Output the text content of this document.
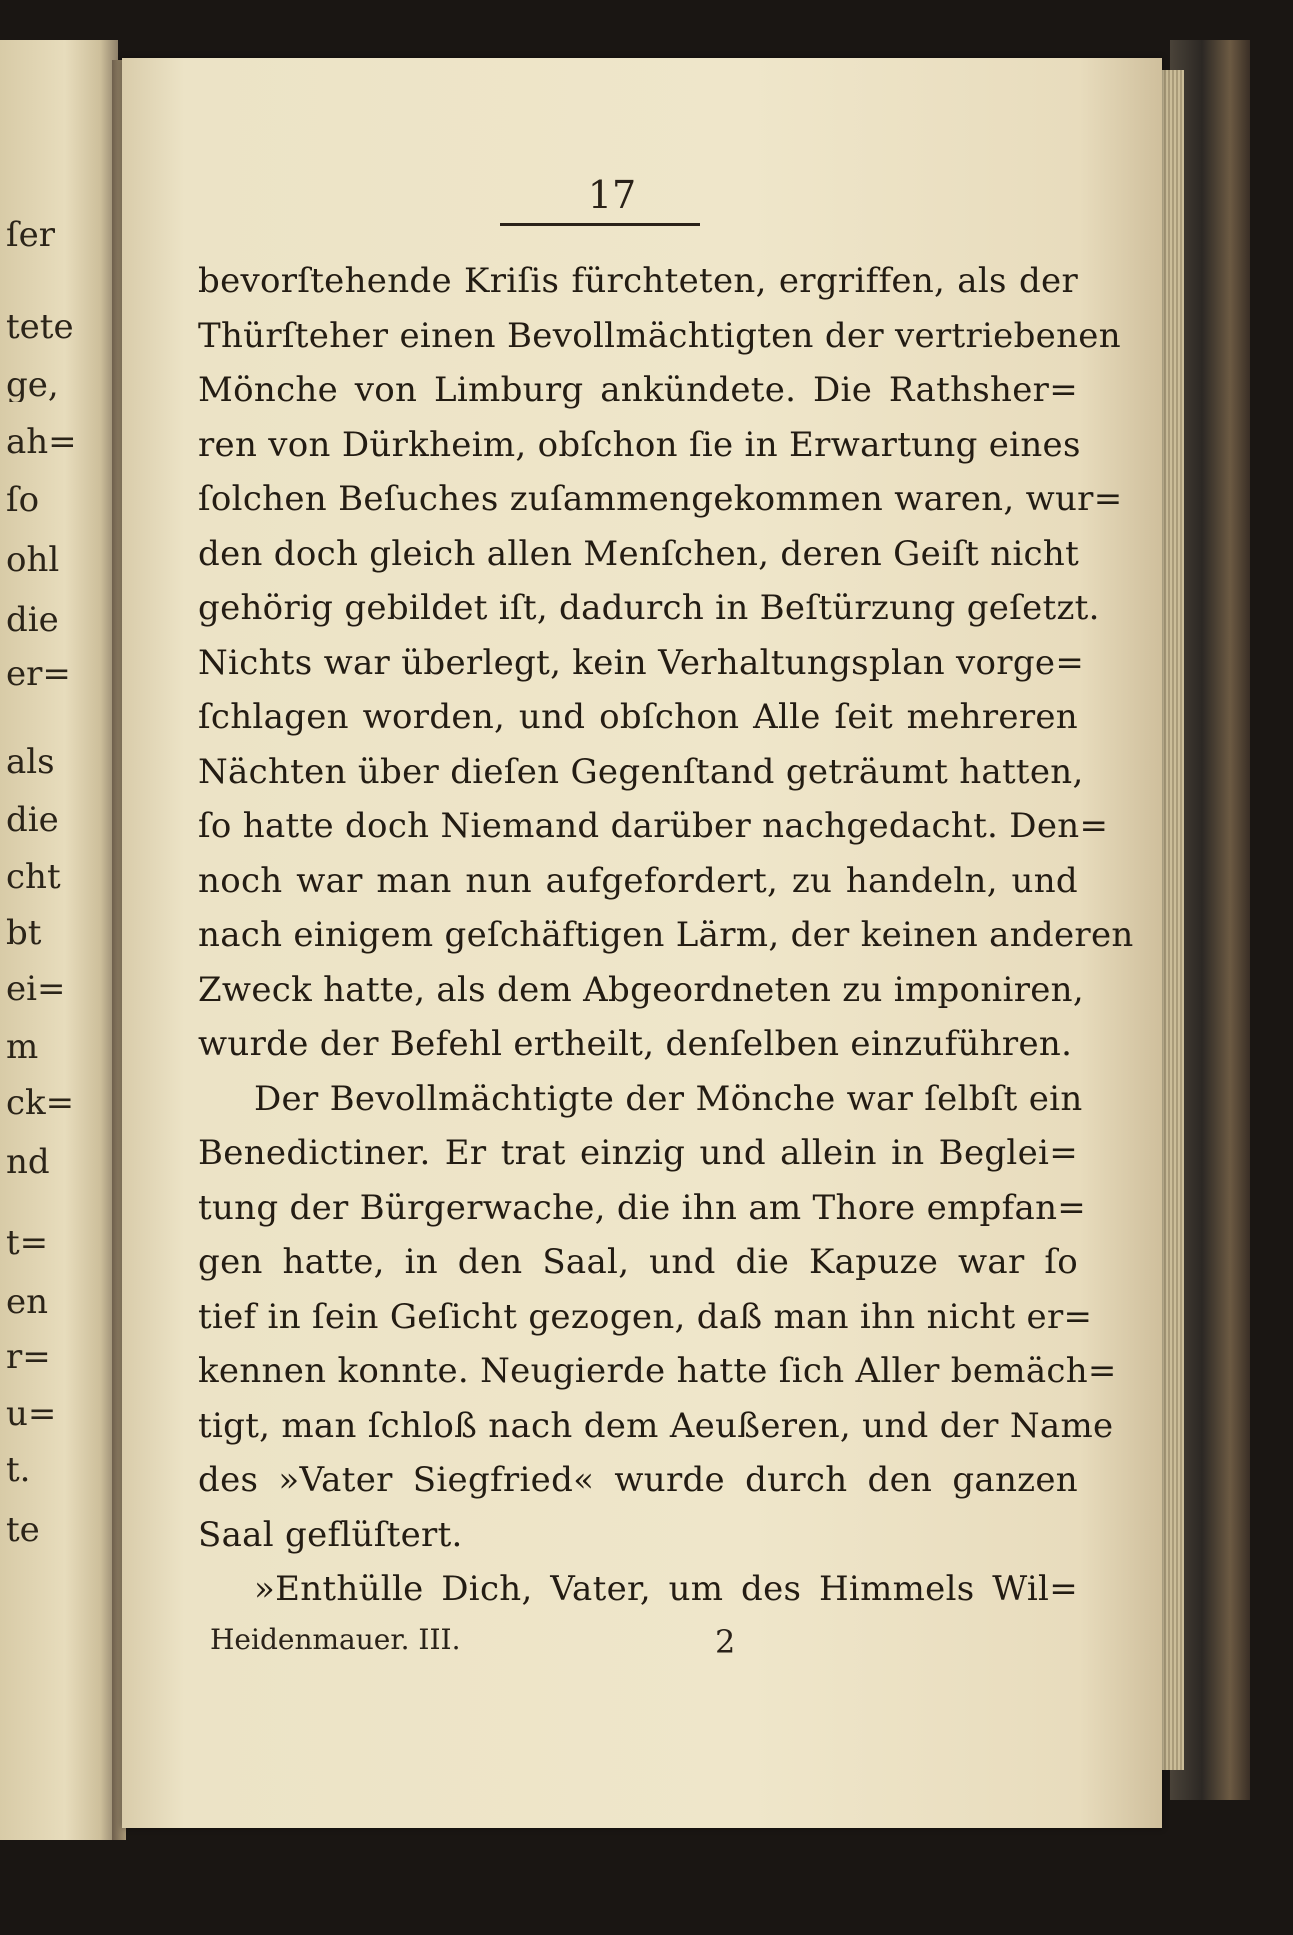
ſer
tete
ge,
ah=
ſo
ohl
die
er=
als
die
cht
bt
ei=
m
ck=
nd
t=
en
r=
u=
t.
te
17
bevorſtehende Kriſis fürchteten, ergriffen, als der
Thürſteher einen Bevollmächtigten der vertriebenen
Mönche von Limburg ankündete. Die Rathsher=
ren von Dürkheim, obſchon ſie in Erwartung eines
ſolchen Beſuches zuſammengekommen waren, wur=
den doch gleich allen Menſchen, deren Geiſt nicht
gehörig gebildet iſt, dadurch in Beſtürzung geſetzt.
Nichts war überlegt, kein Verhaltungsplan vorge=
ſchlagen worden, und obſchon Alle ſeit mehreren
Nächten über dieſen Gegenſtand geträumt hatten,
ſo hatte doch Niemand darüber nachgedacht. Den=
noch war man nun aufgefordert, zu handeln, und
nach einigem geſchäftigen Lärm, der keinen anderen
Zweck hatte, als dem Abgeordneten zu imponiren,
wurde der Befehl ertheilt, denſelben einzuführen.
Der Bevollmächtigte der Mönche war ſelbſt ein
Benedictiner. Er trat einzig und allein in Beglei=
tung der Bürgerwache, die ihn am Thore empfan=
gen hatte, in den Saal, und die Kapuze war ſo
tief in ſein Geſicht gezogen, daß man ihn nicht er=
kennen konnte. Neugierde hatte ſich Aller bemäch=
tigt, man ſchloß nach dem Aeußeren, und der Name
des »Vater Siegfried« wurde durch den ganzen
Saal geflüſtert.
»Enthülle Dich, Vater, um des Himmels Wil=
Heidenmauer. III.	2
